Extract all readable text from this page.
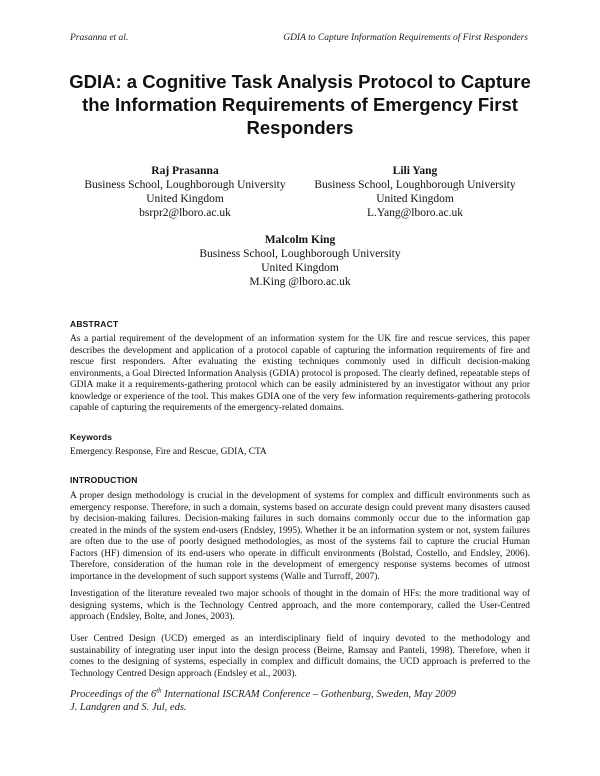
Prasanna et al.	GDIA to Capture Information Requirements of First Responders
GDIA: a Cognitive Task Analysis Protocol to Capture the Information Requirements of Emergency First Responders
Raj Prasanna
Business School, Loughborough University
United Kingdom
bsrpr2@lboro.ac.uk
Lili Yang
Business School, Loughborough University
United Kingdom
L.Yang@lboro.ac.uk
Malcolm King
Business School, Loughborough University
United Kingdom
M.King @lboro.ac.uk
ABSTRACT
As a partial requirement of the development of an information system for the UK fire and rescue services, this paper describes the development and application of a protocol capable of capturing the information requirements of fire and rescue first responders. After evaluating the existing techniques commonly used in difficult decision-making environments, a Goal Directed Information Analysis (GDIA) protocol is proposed. The clearly defined, repeatable steps of GDIA make it a requirements-gathering protocol which can be easily administered by an investigator without any prior knowledge or experience of the tool. This makes GDIA one of the very few information requirements-gathering protocols capable of capturing the requirements of the emergency-related domains.
Keywords
Emergency Response, Fire and Rescue, GDIA, CTA
INTRODUCTION
A proper design methodology is crucial in the development of systems for complex and difficult environments such as emergency response. Therefore, in such a domain, systems based on accurate design could prevent many disasters caused by decision-making failures. Decision-making failures in such domains commonly occur due to the information gap created in the minds of the system end-users (Endsley, 1995). Whether it be an information system or not, system failures are often due to the use of poorly designed methodologies, as most of the systems fail to capture the crucial Human Factors (HF) dimension of its end-users who operate in difficult environments (Bolstad, Costello, and Endsley, 2006). Therefore, consideration of the human role in the development of emergency response systems becomes of utmost importance in the development of such support systems (Walle and Turroff, 2007).
Investigation of the literature revealed two major schools of thought in the domain of HFs: the more traditional way of designing systems, which is the Technology Centred approach, and the more contemporary, called the User-Centred approach (Endsley, Bolte, and Jones, 2003).
User Centred Design (UCD) emerged as an interdisciplinary field of inquiry devoted to the methodology and sustainability of integrating user input into the design process (Beirne, Ramsay and Panteli, 1998). Therefore, when it comes to the designing of systems, especially in complex and difficult domains, the UCD approach is preferred to the Technology Centred Design approach (Endsley et al., 2003).
Proceedings of the 6th International ISCRAM Conference – Gothenburg, Sweden, May 2009
J. Landgren and S. Jul, eds.
